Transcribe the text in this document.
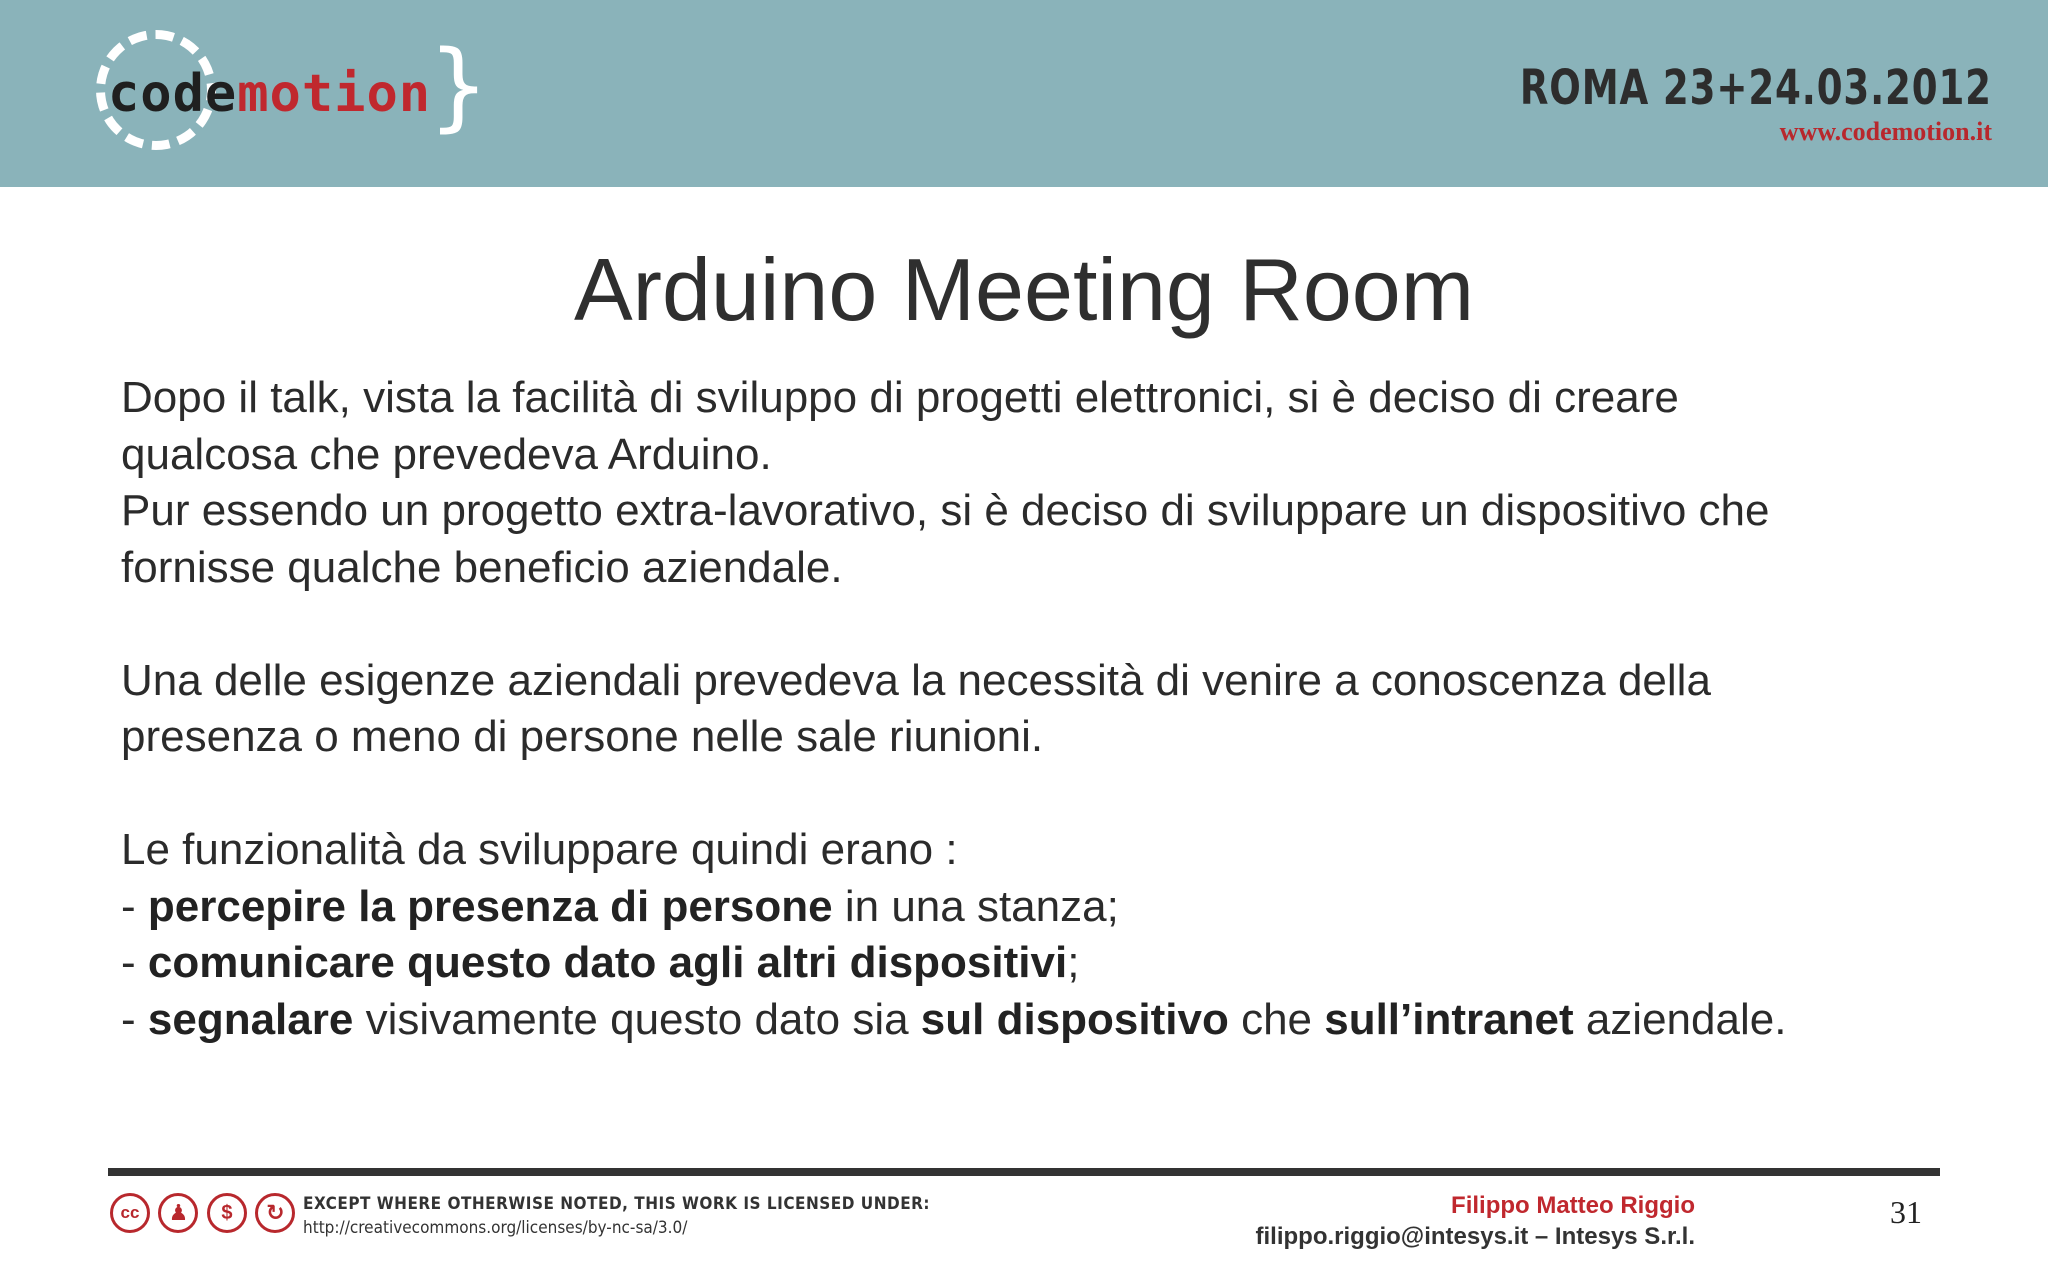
codemotion
}	ROMA 23+24.03.2012
www.codemotion.it
Arduino Meeting Room

Dopo il talk, vista la facilità di sviluppo di progetti elettronici, si è deciso di creare

qualcosa che prevedeva Arduino.

Pur essendo un progetto extra-lavorativo, si è deciso di sviluppare un dispositivo che

fornisse qualche beneficio aziendale.

Una delle esigenze aziendali prevedeva la necessità di venire a conoscenza della

presenza o meno di persone nelle sale riunioni.

Le funzionalità da sviluppare quindi erano :

- percepire la presenza di persone in una stanza;

- comunicare questo dato agli altri dispositivi;

- segnalare visivamente questo dato sia sul dispositivo che sull’intranet aziendale.

cc ♟ $ ↻	EXCEPT WHERE OTHERWISE NOTED, THIS WORK IS LICENSED UNDER:
http://creativecommons.org/licenses/by-nc-sa/3.0/
Filippo Matteo Riggio
filippo.riggio@intesys.it – Intesys S.r.l.
31
